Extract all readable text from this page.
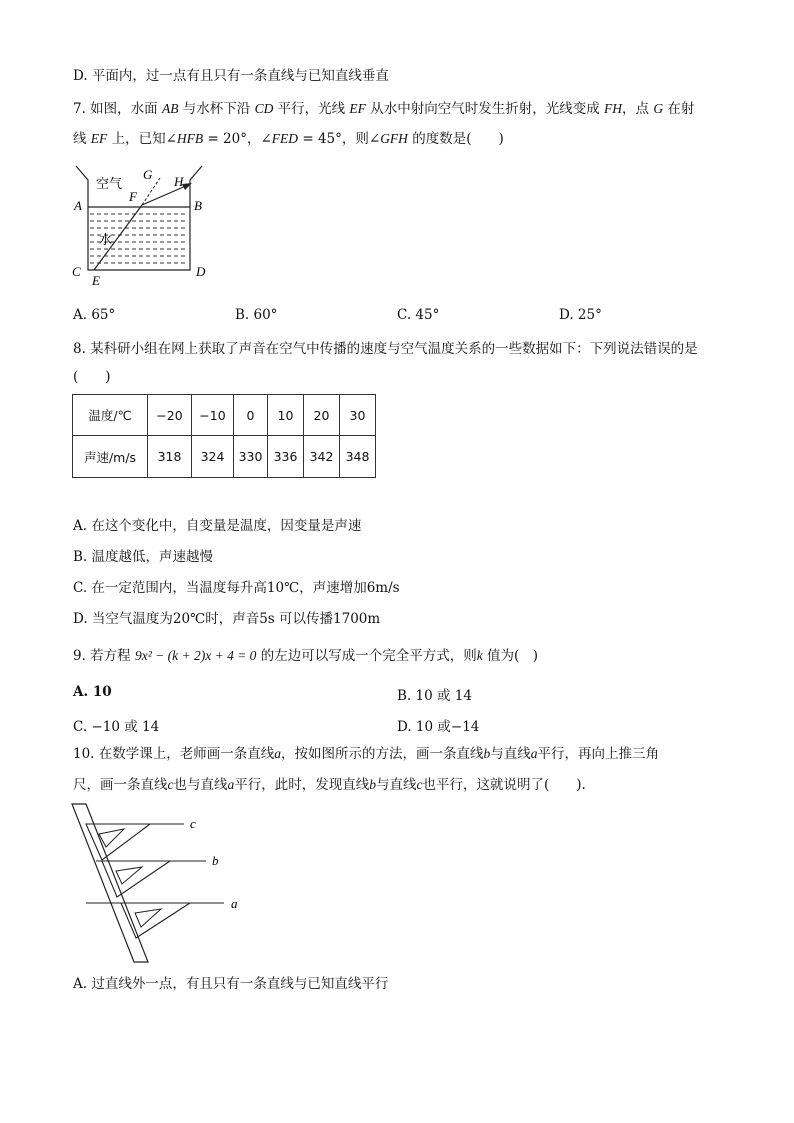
D. 平面内，过一点有且只有一条直线与已知直线垂直
7. 如图，水面 AB 与水杯下沿 CD 平行，光线 EF 从水中射向空气时发生折射，光线变成 FH，点 G 在射
线 EF 上，已知∠HFB = 20°，∠FED = 45°，则∠GFH 的度数是(　　)
空气
水
A	B
C	D
E
F
G H
A. 65°	B. 60°	C. 45°	D. 25°
8. 某科研小组在网上获取了声音在空气中传播的速度与空气温度关系的一些数据如下：下列说法错误的是
(　　)
温度/℃	−20	−10	0	10	20	30
声速/m/s	318	324	330	336	342	348
A. 在这个变化中，自变量是温度，因变量是声速
B. 温度越低，声速越慢
C. 在一定范围内，当温度每升高10℃，声速增加6m/s
D. 当空气温度为20℃时，声音5s 可以传播1700m
9. 若方程 9x² − (k + 2)x + 4 = 0 的左边可以写成一个完全平方式，则k 值为(　)
A. 10	B. 10 或 14
C. −10 或 14	D. 10 或−14
10. 在数学课上，老师画一条直线a，按如图所示的方法，画一条直线b与直线a平行，再向上推三角
尺，画一条直线c也与直线a平行，此时，发现直线b与直线c也平行，这就说明了(　　).
c
b
a
A. 过直线外一点，有且只有一条直线与已知直线平行
